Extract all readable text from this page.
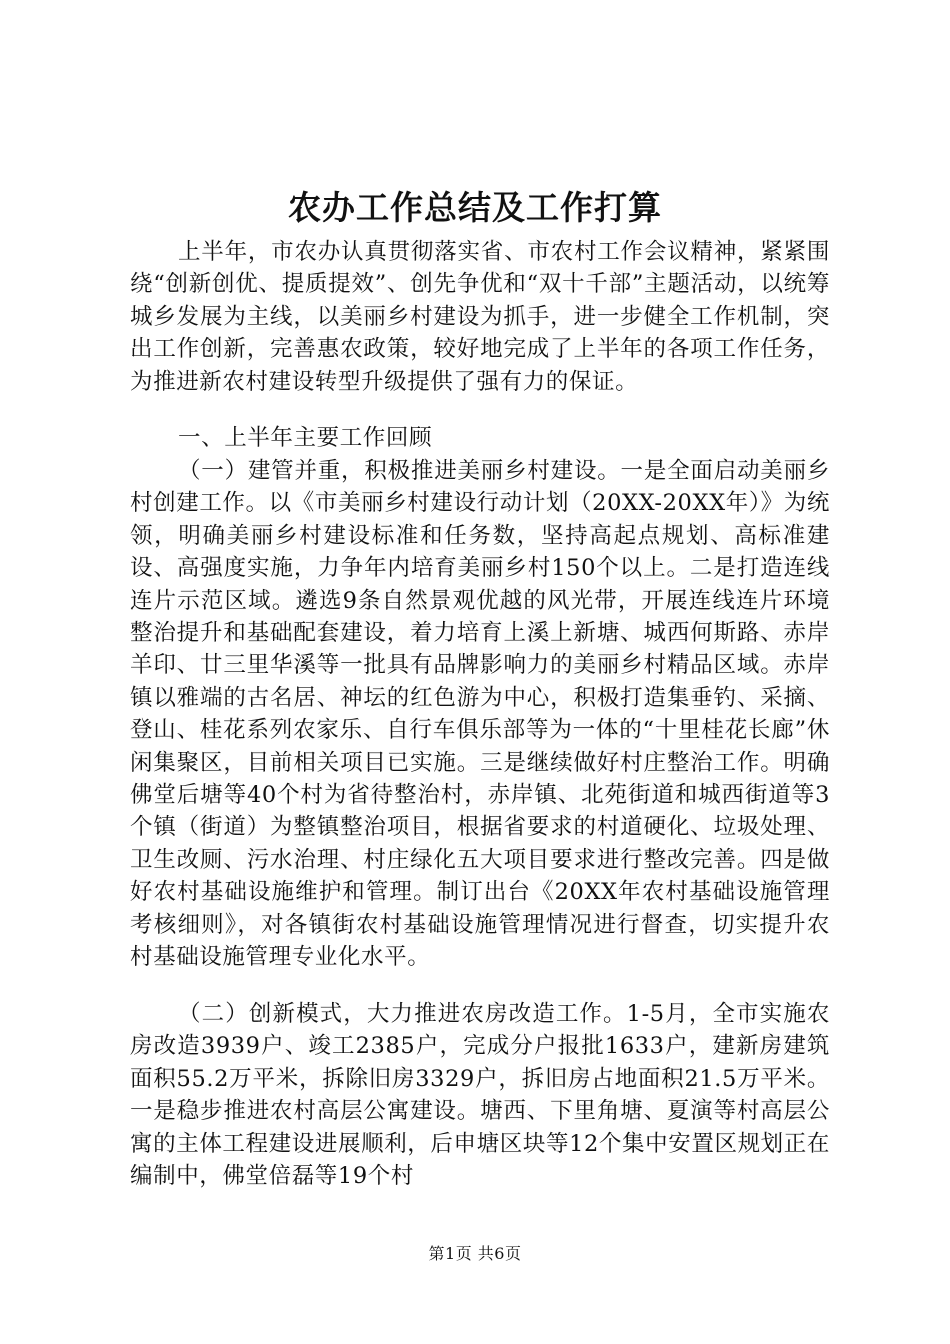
农办工作总结及工作打算

上半年，市农办认真贯彻落实省、市农村工作会议精神，紧紧围绕“创新创优、提质提效”、创先争优和“双十千部”主题活动，以统筹城乡发展为主线，以美丽乡村建设为抓手，进一步健全工作机制，突出工作创新，完善惠农政策，较好地完成了上半年的各项工作任务，为推进新农村建设转型升级提供了强有力的保证。

一、上半年主要工作回顾

（一）建管并重，积极推进美丽乡村建设。一是全面启动美丽乡村创建工作。以《市美丽乡村建设行动计划（20XX-20XX年）》为统领，明确美丽乡村建设标准和任务数，坚持高起点规划、高标准建设、高强度实施，力争年内培育美丽乡村150个以上。二是打造连线连片示范区域。遴选9条自然景观优越的风光带，开展连线连片环境整治提升和基础配套建设，着力培育上溪上新塘、城西何斯路、赤岸羊印、廿三里华溪等一批具有品牌影响力的美丽乡村精品区域。赤岸镇以雅端的古名居、神坛的红色游为中心，积极打造集垂钓、采摘、登山、桂花系列农家乐、自行车俱乐部等为一体的“十里桂花长廊”休闲集聚区，目前相关项目已实施。三是继续做好村庄整治工作。明确佛堂后塘等40个村为省待整治村，赤岸镇、北苑街道和城西街道等3个镇（街道）为整镇整治项目，根据省要求的村道硬化、垃圾处理、卫生改厕、污水治理、村庄绿化五大项目要求进行整改完善。四是做好农村基础设施维护和管理。制订出台《20XX年农村基础设施管理考核细则》，对各镇街农村基础设施管理情况进行督查，切实提升农村基础设施管理专业化水平。

（二）创新模式，大力推进农房改造工作。1-5月，全市实施农房改造3939户、竣工2385户，完成分户报批1633户，建新房建筑面积55.2万平米，拆除旧房3329户，拆旧房占地面积21.5万平米。一是稳步推进农村高层公寓建设。塘西、下里角塘、夏演等村高层公寓的主体工程建设进展顺利，后申塘区块等12个集中安置区规划正在编制中，佛堂倍磊等19个村

第1页 共6页
